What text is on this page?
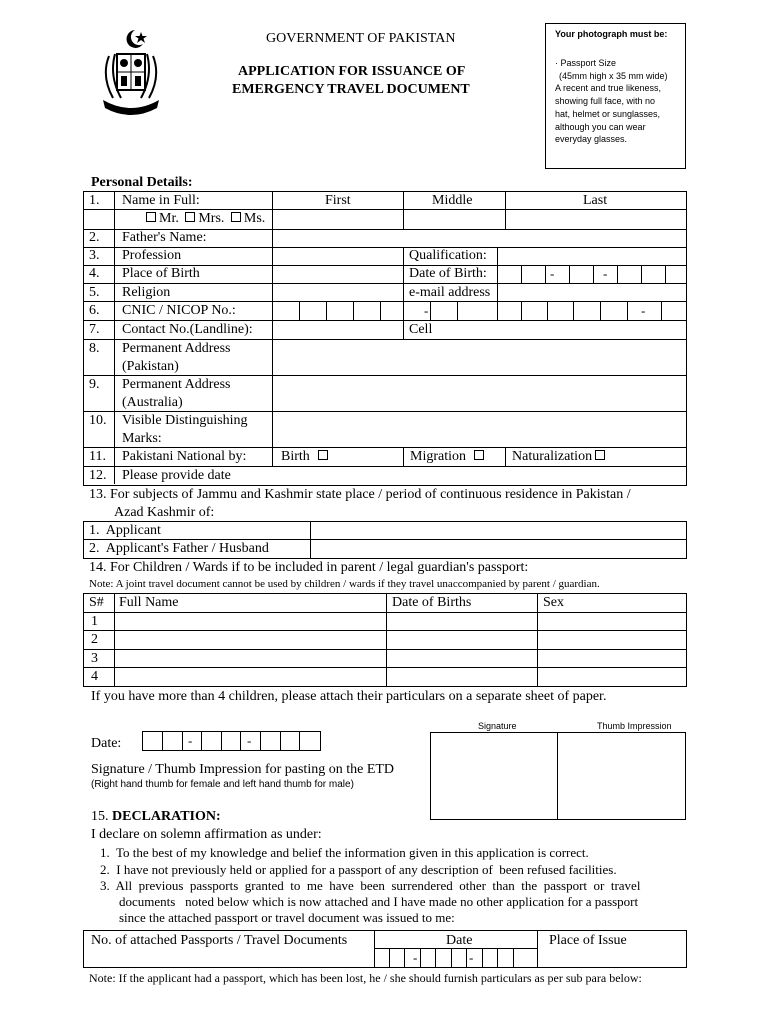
GOVERNMENT OF PAKISTAN
APPLICATION FOR ISSUANCE OF
EMERGENCY TRAVEL DOCUMENT
Your photograph must be:
· Passport Size
(45mm high x 35 mm wide)
A recent and true likeness,
showing full face, with no
hat, helmet or sunglasses,
although you can wear
everyday glasses.
Personal Details:
First	Middle	Last
1. Name in Full:
Mr. Mrs. Ms.
2. Father's Name:
3. Profession	Qualification:
4. Place of Birth	Date of Birth:	-	-
5. Religion	e-mail address
6. CNIC / NICOP No.:	-	-
7. Contact No.(Landline):	Cell
8. Permanent Address
(Pakistan)
9. Permanent Address
(Australia)
10. Visible Distinguishing
Marks:
11. Pakistani National by: Birth	Migration	Naturalization
12. Please provide date
13. For subjects of Jammu and Kashmir state place / period of continuous residence in Pakistan /
Azad Kashmir of:
1.  Applicant
2.  Applicant's Father / Husband
14. For Children / Wards if to be included in parent / legal guardian's passport:
Note: A joint travel document cannot be used by children / wards if they travel unaccompanied by parent / guardian.
S# Full Name	Date of Births	Sex
1
2
3
4
If you have more than 4 children, please attach their particulars on a separate sheet of paper.
Signature	Thumb Impression
Date:	-	-
Signature / Thumb Impression for pasting on the ETD
(Right hand thumb for female and left hand thumb for male)
15. DECLARATION:
I declare on solemn affirmation as under:
1.  To the best of my knowledge and belief the information given in this application is correct.
2.  I have not previously held or applied for a passport of any description of  been refused facilities.
3.  All  previous  passports  granted  to  me  have  been  surrendered  other  than  the  passport  or  travel
documents   noted below which is now attached and I have made no other application for a passport
since the attached passport or travel document was issued to me:
No. of attached Passports / Travel Documents	Date	Place of Issue
-	-
Note: If the applicant had a passport, which has been lost, he / she should furnish particulars as per sub para below:
